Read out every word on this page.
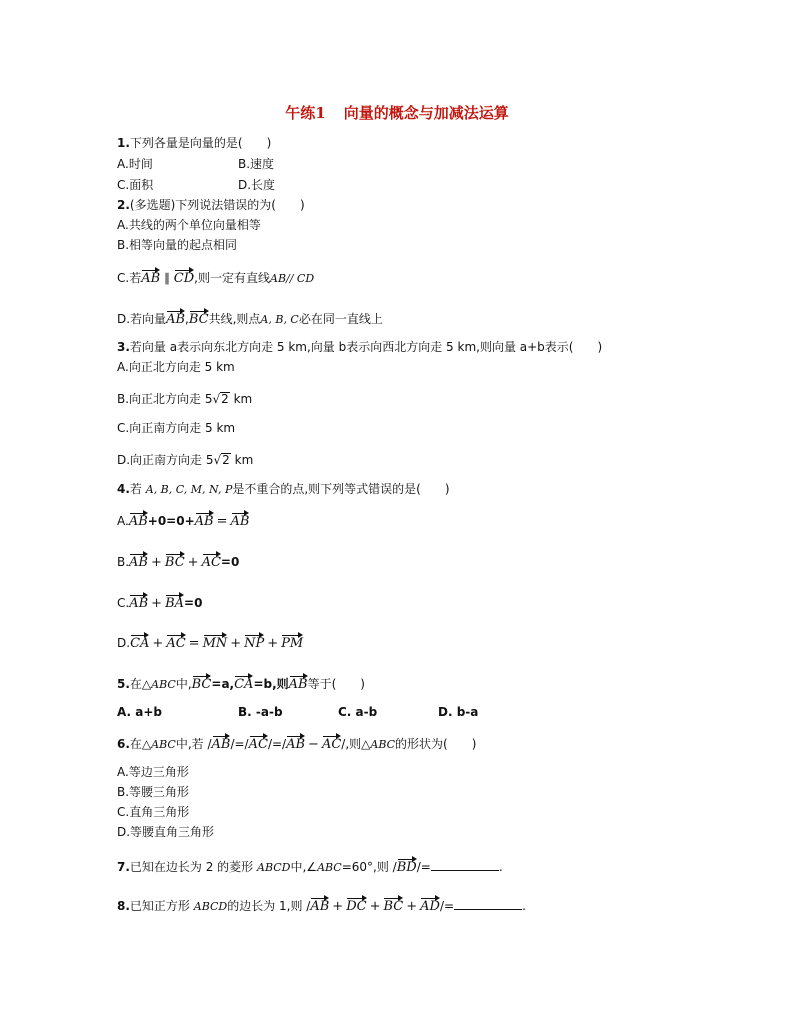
午练1 向量的概念与加减法运算
1.下列各量是向量的是(　　)
A.时间	B.速度
C.面积	D.长度
2.(多选题)下列说法错误的为(　　)
A.共线的两个单位向量相等
B.相等向量的起点相同
C.若AB ∥ CD,则一定有直线AB// CD
D.若向量AB,BC共线,则点A, B, C必在同一直线上
3.若向量 a表示向东北方向走 5 km,向量 b表示向西北方向走 5 km,则向量 a+b表示(　　)
A.向正北方向走 5 km
B.向正北方向走 5√2 km
C.向正南方向走 5 km
D.向正南方向走 5√2 km
4.若 A, B, C, M, N, P是不重合的点,则下列等式错误的是(　　)
A.AB+0=0+AB = AB
B.AB + BC + AC=0
C.AB + BA=0
D.CA + AC = MN + NP + PM
5.在△ABC中,BC=a,CA=b,则AB等于(　　)
A. a+b	B. -a-b	C. a-b	D. b-a
6.在△ABC中,若 /AB/=/AC/=/AB − AC/,则△ABC的形状为(　　)
A.等边三角形
B.等腰三角形
C.直角三角形
D.等腰直角三角形
7.已知在边长为 2 的菱形 ABCD中,∠ABC=60°,则 /BD/=	.
8.已知正方形 ABCD的边长为 1,则 /AB + DC + BC + AD/=	.
